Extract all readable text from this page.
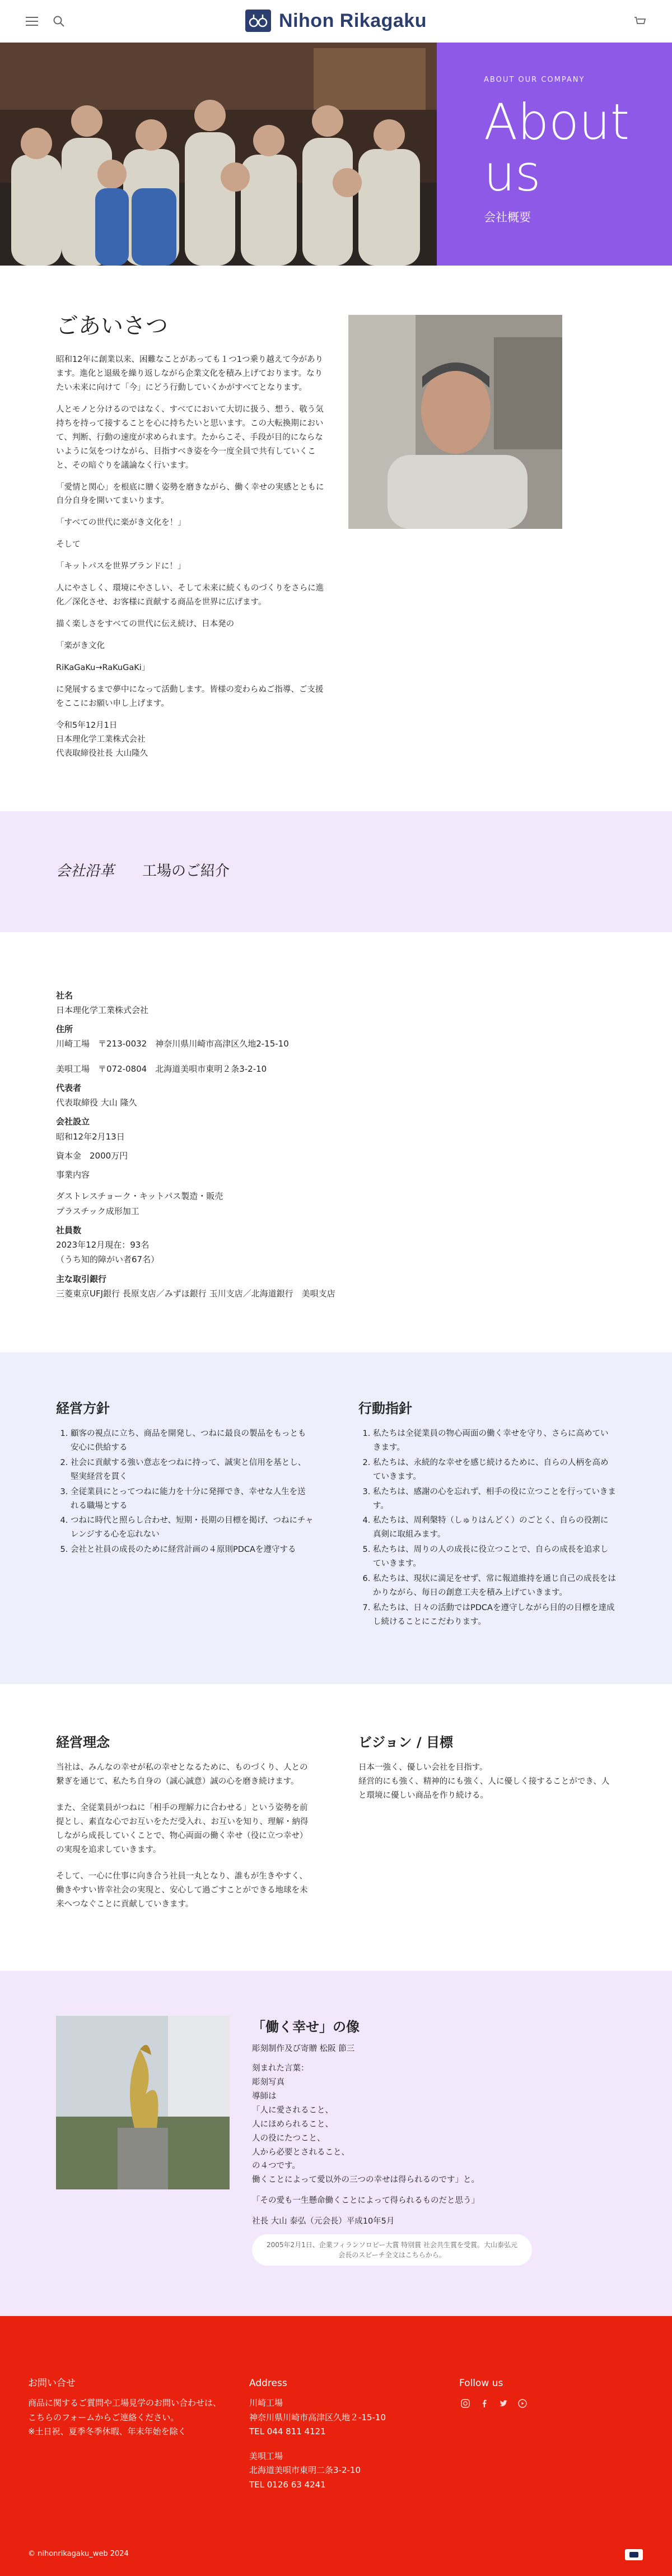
Nihon Rikagaku
ABOUT OUR COMPANY
About
us
会社概要
ごあいさつ

昭和12年に創業以来、困難なことがあっても１つ1つ乗り越えて今があります。進化と退級を繰り返しながら企業文化を積み上げております。なりたい未来に向けて「今」にどう行動していくかがすべてとなります。

人とモノと分けるのではなく、すべてにおいて大切に扱う、想う、敬う気持ちを持って接することを心に持ちたいと思います。この大転換期において、判断、行動の速度が求められます。たからこそ、手段が目的にならないように気をつけながら、目指すべき姿を今一度全員で共有していくこと、その暗ぐりを議論なく行います。

「愛情と関心」を根底に贈く姿勢を磨きながら、働く幸せの実感とともに自分自身を開いてまいります。

「すべての世代に楽がき文化を！」

そして

「キットパスを世界ブランドに！」

人にやさしく、環境にやさしい、そして未来に続くものづくりをさらに進化／深化させ、お客様に貢献する商品を世界に広げます。

描く楽しさをすべての世代に伝え続け、日本発の

「楽がき文化

RiKaGaKu→RaKuGaKi」

に発展するまで夢中になって活動します。皆様の変わらぬご指導、ご支援をここにお願い申し上げます。

令和5年12月1日
日本理化学工業株式会社
代表取締役社長 大山隆久
会社沿革 工場のご紹介
社名
日本理化学工業株式会社
住所
川崎工場　〒213-0032　神奈川県川崎市高津区久地2-15-10
美唄工場　〒072-0804　北海道美唄市東明２条3-2-10
代表者
代表取締役 大山 隆久
会社設立
昭和12年2月13日
資本金　2000万円
事業内容
ダストレスチョーク・キットパス製造・販売
プラスチック成形加工
社員数
2023年12月現在：93名
（うち知的障がい者67名）
主な取引銀行
三菱東京UFJ銀行 長原支店／みずほ銀行 玉川支店／北海道銀行　美唄支店
経営方針
1. 顧客の視点に立ち、商品を開発し、つねに最良の製品をもっとも安心に供給する
2. 社会に貢献する強い意志をつねに持って、誠実と信用を基とし、堅実経営を貫く
3. 全従業員にとってつねに能力を十分に発揮でき、幸せな人生を送れる職場とする
4. つねに時代と照らし合わせ、短期・長期の目標を掲げ、つねにチャレンジする心を忘れない
5. 会社と社員の成長のために経営計画の４原則PDCAを遵守する
行動指針
1. 私たちは全従業員の物心両面の働く幸せを守り、さらに高めていきます。
2. 私たちは、永続的な幸せを感じ続けるために、自らの人柄を高めていきます。
3. 私たちは、感謝の心を忘れず、相手の役に立つことを行っていきます。
4. 私たちは、周利槃特（しゅりはんどく）のごとく、自らの役割に真剣に取組みます。
5. 私たちは、周りの人の成長に役立つことで、自らの成長を追求していきます。
6. 私たちは、現状に満足をせず、常に報道維持を通じ自己の成長をはかりながら、毎日の創意工夫を積み上げていきます。
7. 私たちは、日々の活動ではPDCAを遵守しながら目的の目標を達成し続けることにこだわります。
経営理念

当社は、みんなの幸せが私の幸せとなるために、ものづくり、人との繋ぎを通じて、私たち自身の（誠心誠意）誠の心を磨き続けます。

また、全従業員がつねに「相手の理解力に合わせる」という姿勢を前提とし、素直な心でお互いをただ受入れ、お互いを知り、理解・納得しながら成長していくことで、物心両面の働く幸せ（役に立つ幸せ）の実現を追求していきます。

そして、一心に仕事に向き合う社員一丸となり、誰もが生きやすく、働きやすい皆幸社会の実現と、安心して過ごすことができる地球を未来へつなぐことに貢献していきます。

ビジョン / 目標
日本一強く、優しい会社を目指す。
経営的にも強く、精神的にも強く、人に優しく接することができ、人と環境に優しい商品を作り続ける。
「働く幸せ」の像

彫刻制作及び寄贈 松阪 節三

刻まれた言葉：
彫刻写真
導師は
「人に愛されること、
人にほめられること、
人の役にたつこと、
人から必要とされること、
の４つです。
働くことによって愛以外の三つの幸せは得られるのです」と。
「その愛も一生懸命働くことによって得られるものだと思う」

社長 大山 泰弘（元会長）平成10年5月

2005年2月1日、企業フィランソロピー大賞 特別賞 社会共生賞を受賞。大山泰弘元会長のスピーチ全文はこちらから。
お問い合せ
商品に関するご質問や工場見学のお問い合わせは、
こちらのフォームからご連絡ください。
※土日祝、夏季冬季休暇、年末年始を除く
Address
川崎工場
神奈川県川崎市高津区久地２-15-10
TEL 044 811 4121
美唄工場
北海道美唄市東明二条3-2-10
TEL 0126 63 4241
Follow us
© nihonrikagaku_web 2024
